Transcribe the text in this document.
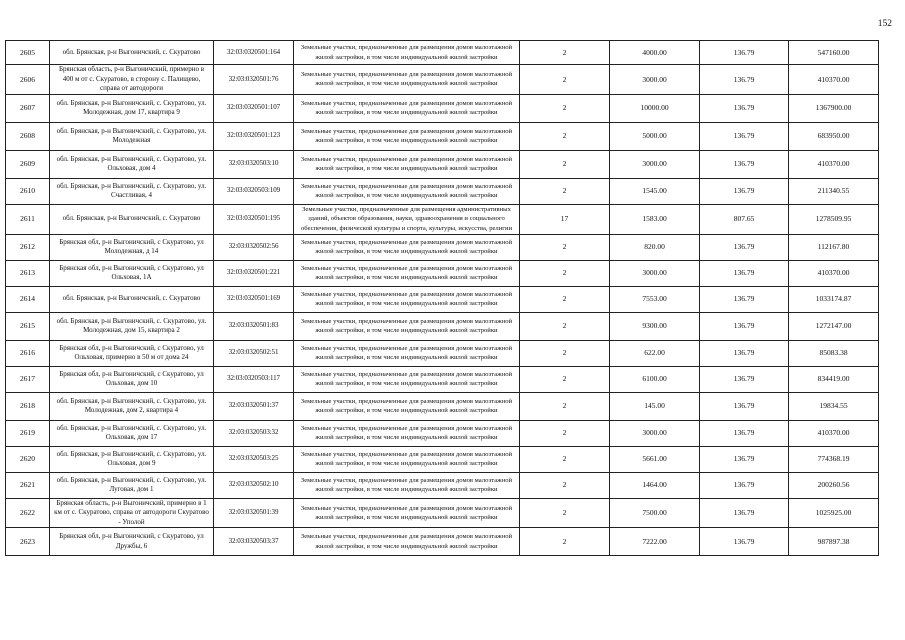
152
2605	обл. Брянская, р-н Выгоничский, с. Скуратово	32:03:0320501:164	Земельные участки, предназначенные для размещения домов малоэтажной жилой застройки, в том числе индивидуальной жилой застройки	2	4000.00	136.79	547160.00
2606	Брянская область, р-н Выгоничский, примерно в 400 м от с. Скуратово, в сторону с. Палищево, справа от автодороги	32:03:0320501:76	Земельные участки, предназначенные для размещения домов малоэтажной жилой застройки, в том числе индивидуальной жилой застройки	2	3000.00	136.79	410370.00
2607	обл. Брянская, р-н Выгоничский, с. Скуратово, ул. Молодежная, дом 17, квартира 9	32:03:0320501:107	Земельные участки, предназначенные для размещения домов малоэтажной жилой застройки, в том числе индивидуальной жилой застройки	2	10000.00	136.79	1367900.00
2608	обл. Брянская, р-н Выгоничский, с. Скуратово, ул. Молодежная	32:03:0320501:123	Земельные участки, предназначенные для размещения домов малоэтажной жилой застройки, в том числе индивидуальной жилой застройки	2	5000.00	136.79	683950.00
2609	обл. Брянская, р-н Выгоничский, с. Скуратово, ул. Ольховая, дом 4	32:03:0320503:10	Земельные участки, предназначенные для размещения домов малоэтажной жилой застройки, в том числе индивидуальной жилой застройки	2	3000.00	136.79	410370.00
2610	обл. Брянская, р-н Выгоничский, с. Скуратово, ул. Счастливая, 4	32:03:0320503:109	Земельные участки, предназначенные для размещения домов малоэтажной жилой застройки, в том числе индивидуальной жилой застройки	2	1545.00	136.79	211340.55
2611	обл. Брянская, р-н Выгоничский, с. Скуратово	32:03:0320501:195	Земельные участки, предназначенные для размещения административных зданий, объектов образования, науки, здравоохранения и социального обеспечения, физической культуры и спорта, культуры, искусства, религии	17	1583.00	807.65	1278509.95
2612	Брянская обл, р-н Выгоничский, с Скуратово, ул Молодежная, д 14	32:03:0320502:56	Земельные участки, предназначенные для размещения домов малоэтажной жилой застройки, в том числе индивидуальной жилой застройки	2	820.00	136.79	112167.80
2613	Брянская обл, р-н Выгоничский, с Скуратово, ул Ольховая, 1А	32:03:0320501:221	Земельные участки, предназначенные для размещения домов малоэтажной жилой застройки, в том числе индивидуальной жилой застройки	2	3000.00	136.79	410370.00
2614	обл. Брянская, р-н Выгоничский, с. Скуратово	32:03:0320501:169	Земельные участки, предназначенные для размещения домов малоэтажной жилой застройки, в том числе индивидуальной жилой застройки	2	7553.00	136.79	1033174.87
2615	обл. Брянская, р-н Выгоничский, с. Скуратово, ул. Молодежная, дом 15, квартира 2	32:03:0320501:83	Земельные участки, предназначенные для размещения домов малоэтажной жилой застройки, в том числе индивидуальной жилой застройки	2	9300.00	136.79	1272147.00
2616	Брянская обл, р-н Выгоничский, с Скуратово, ул Ольховая, примерно в 50 м от дома 24	32:03:0320502:51	Земельные участки, предназначенные для размещения домов малоэтажной жилой застройки, в том числе индивидуальной жилой застройки	2	622.00	136.79	85083.38
2617	Брянская обл, р-н Выгоничский, с Скуратово, ул Ольховая, дом 10	32:03:0320503:117	Земельные участки, предназначенные для размещения домов малоэтажной жилой застройки, в том числе индивидуальной жилой застройки	2	6100.00	136.79	834419.00
2618	обл. Брянская, р-н Выгоничский, с. Скуратово, ул. Молодежная, дом 2, квартира 4	32:03:0320501:37	Земельные участки, предназначенные для размещения домов малоэтажной жилой застройки, в том числе индивидуальной жилой застройки	2	145.00	136.79	19834.55
2619	обл. Брянская, р-н Выгоничский, с. Скуратово, ул. Ольховая, дом 17	32:03:0320503:32	Земельные участки, предназначенные для размещения домов малоэтажной жилой застройки, в том числе индивидуальной жилой застройки	2	3000.00	136.79	410370.00
2620	обл. Брянская, р-н Выгоничский, с. Скуратово, ул. Ольховая, дом 9	32:03:0320503:25	Земельные участки, предназначенные для размещения домов малоэтажной жилой застройки, в том числе индивидуальной жилой застройки	2	5661.00	136.79	774368.19
2621	обл. Брянская, р-н Выгоничский, с. Скуратово, ул. Луговая, дом 1	32:03:0320502:10	Земельные участки, предназначенные для размещения домов малоэтажной жилой застройки, в том числе индивидуальной жилой застройки	2	1464.00	136.79	200260.56
2622	Брянская область, р-н Выгоничский, примерно в 1 км от с. Скуратово, справа от автодороги Скуратово - Уполой	32:03:0320501:39	Земельные участки, предназначенные для размещения домов малоэтажной жилой застройки, в том числе индивидуальной жилой застройки	2	7500.00	136.79	1025925.00
2623	Брянская обл, р-н Выгоничский, с Скуратово, ул Дружбы, 6	32:03:0320503:37	Земельные участки, предназначенные для размещения домов малоэтажной жилой застройки, в том числе индивидуальной жилой застройки	2	7222.00	136.79	987897.38
